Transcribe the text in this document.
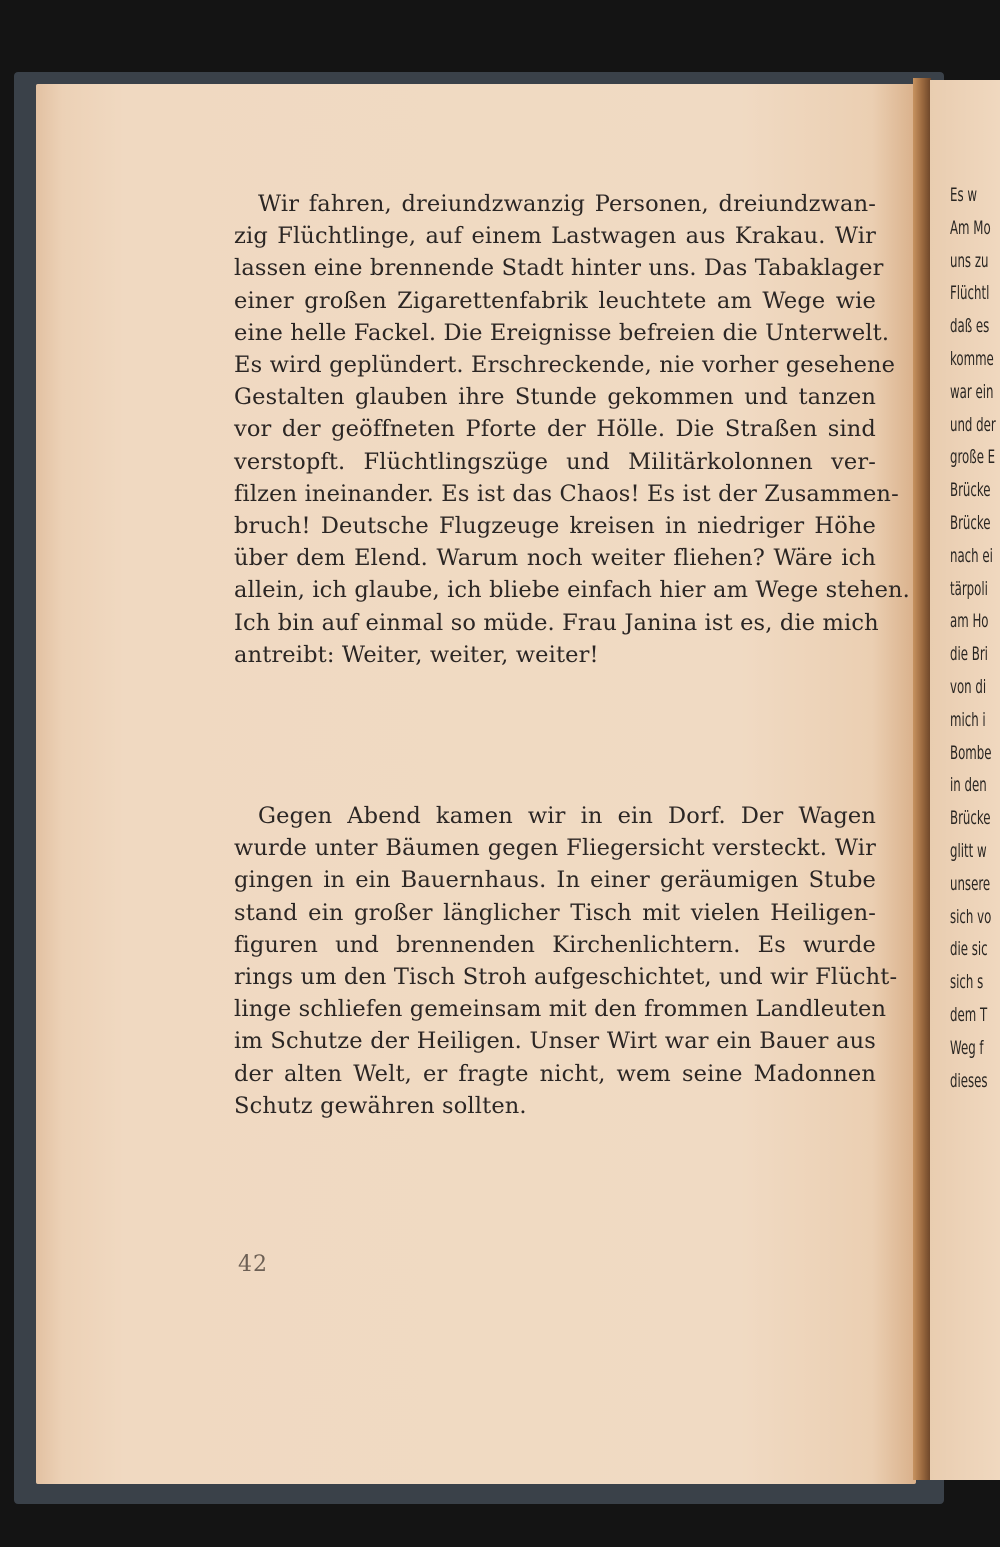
Es w
Am Mo
uns zu
Flüchtl
daß es
komme
war ein
und der
große E
Brücke
Brücke
nach ei
tärpoli
am Ho
die Bri
von di
mich i
Bombe
in den
Brücke
glitt w
unsere
sich vo
die sic
sich s
dem T
Weg f
dieses
Wir fahren, dreiundzwanzig Personen, dreiundzwan-
zig Flüchtlinge, auf einem Lastwagen aus Krakau. Wir
lassen eine brennende Stadt hinter uns. Das Tabaklager
einer großen Zigarettenfabrik leuchtete am Wege wie
eine helle Fackel. Die Ereignisse befreien die Unterwelt.
Es wird geplündert. Erschreckende, nie vorher gesehene
Gestalten glauben ihre Stunde gekommen und tanzen
vor der geöffneten Pforte der Hölle. Die Straßen sind
verstopft. Flüchtlingszüge und Militärkolonnen ver-
filzen ineinander. Es ist das Chaos! Es ist der Zusammen-
bruch! Deutsche Flugzeuge kreisen in niedriger Höhe
über dem Elend. Warum noch weiter fliehen? Wäre ich
allein, ich glaube, ich bliebe einfach hier am Wege stehen.
Ich bin auf einmal so müde. Frau Janina ist es, die mich
antreibt: Weiter, weiter, weiter!
Gegen Abend kamen wir in ein Dorf. Der Wagen
wurde unter Bäumen gegen Fliegersicht versteckt. Wir
gingen in ein Bauernhaus. In einer geräumigen Stube
stand ein großer länglicher Tisch mit vielen Heiligen-
figuren und brennenden Kirchenlichtern. Es wurde
rings um den Tisch Stroh aufgeschichtet, und wir Flücht-
linge schliefen gemeinsam mit den frommen Landleuten
im Schutze der Heiligen. Unser Wirt war ein Bauer aus
der alten Welt, er fragte nicht, wem seine Madonnen
Schutz gewähren sollten.
42
